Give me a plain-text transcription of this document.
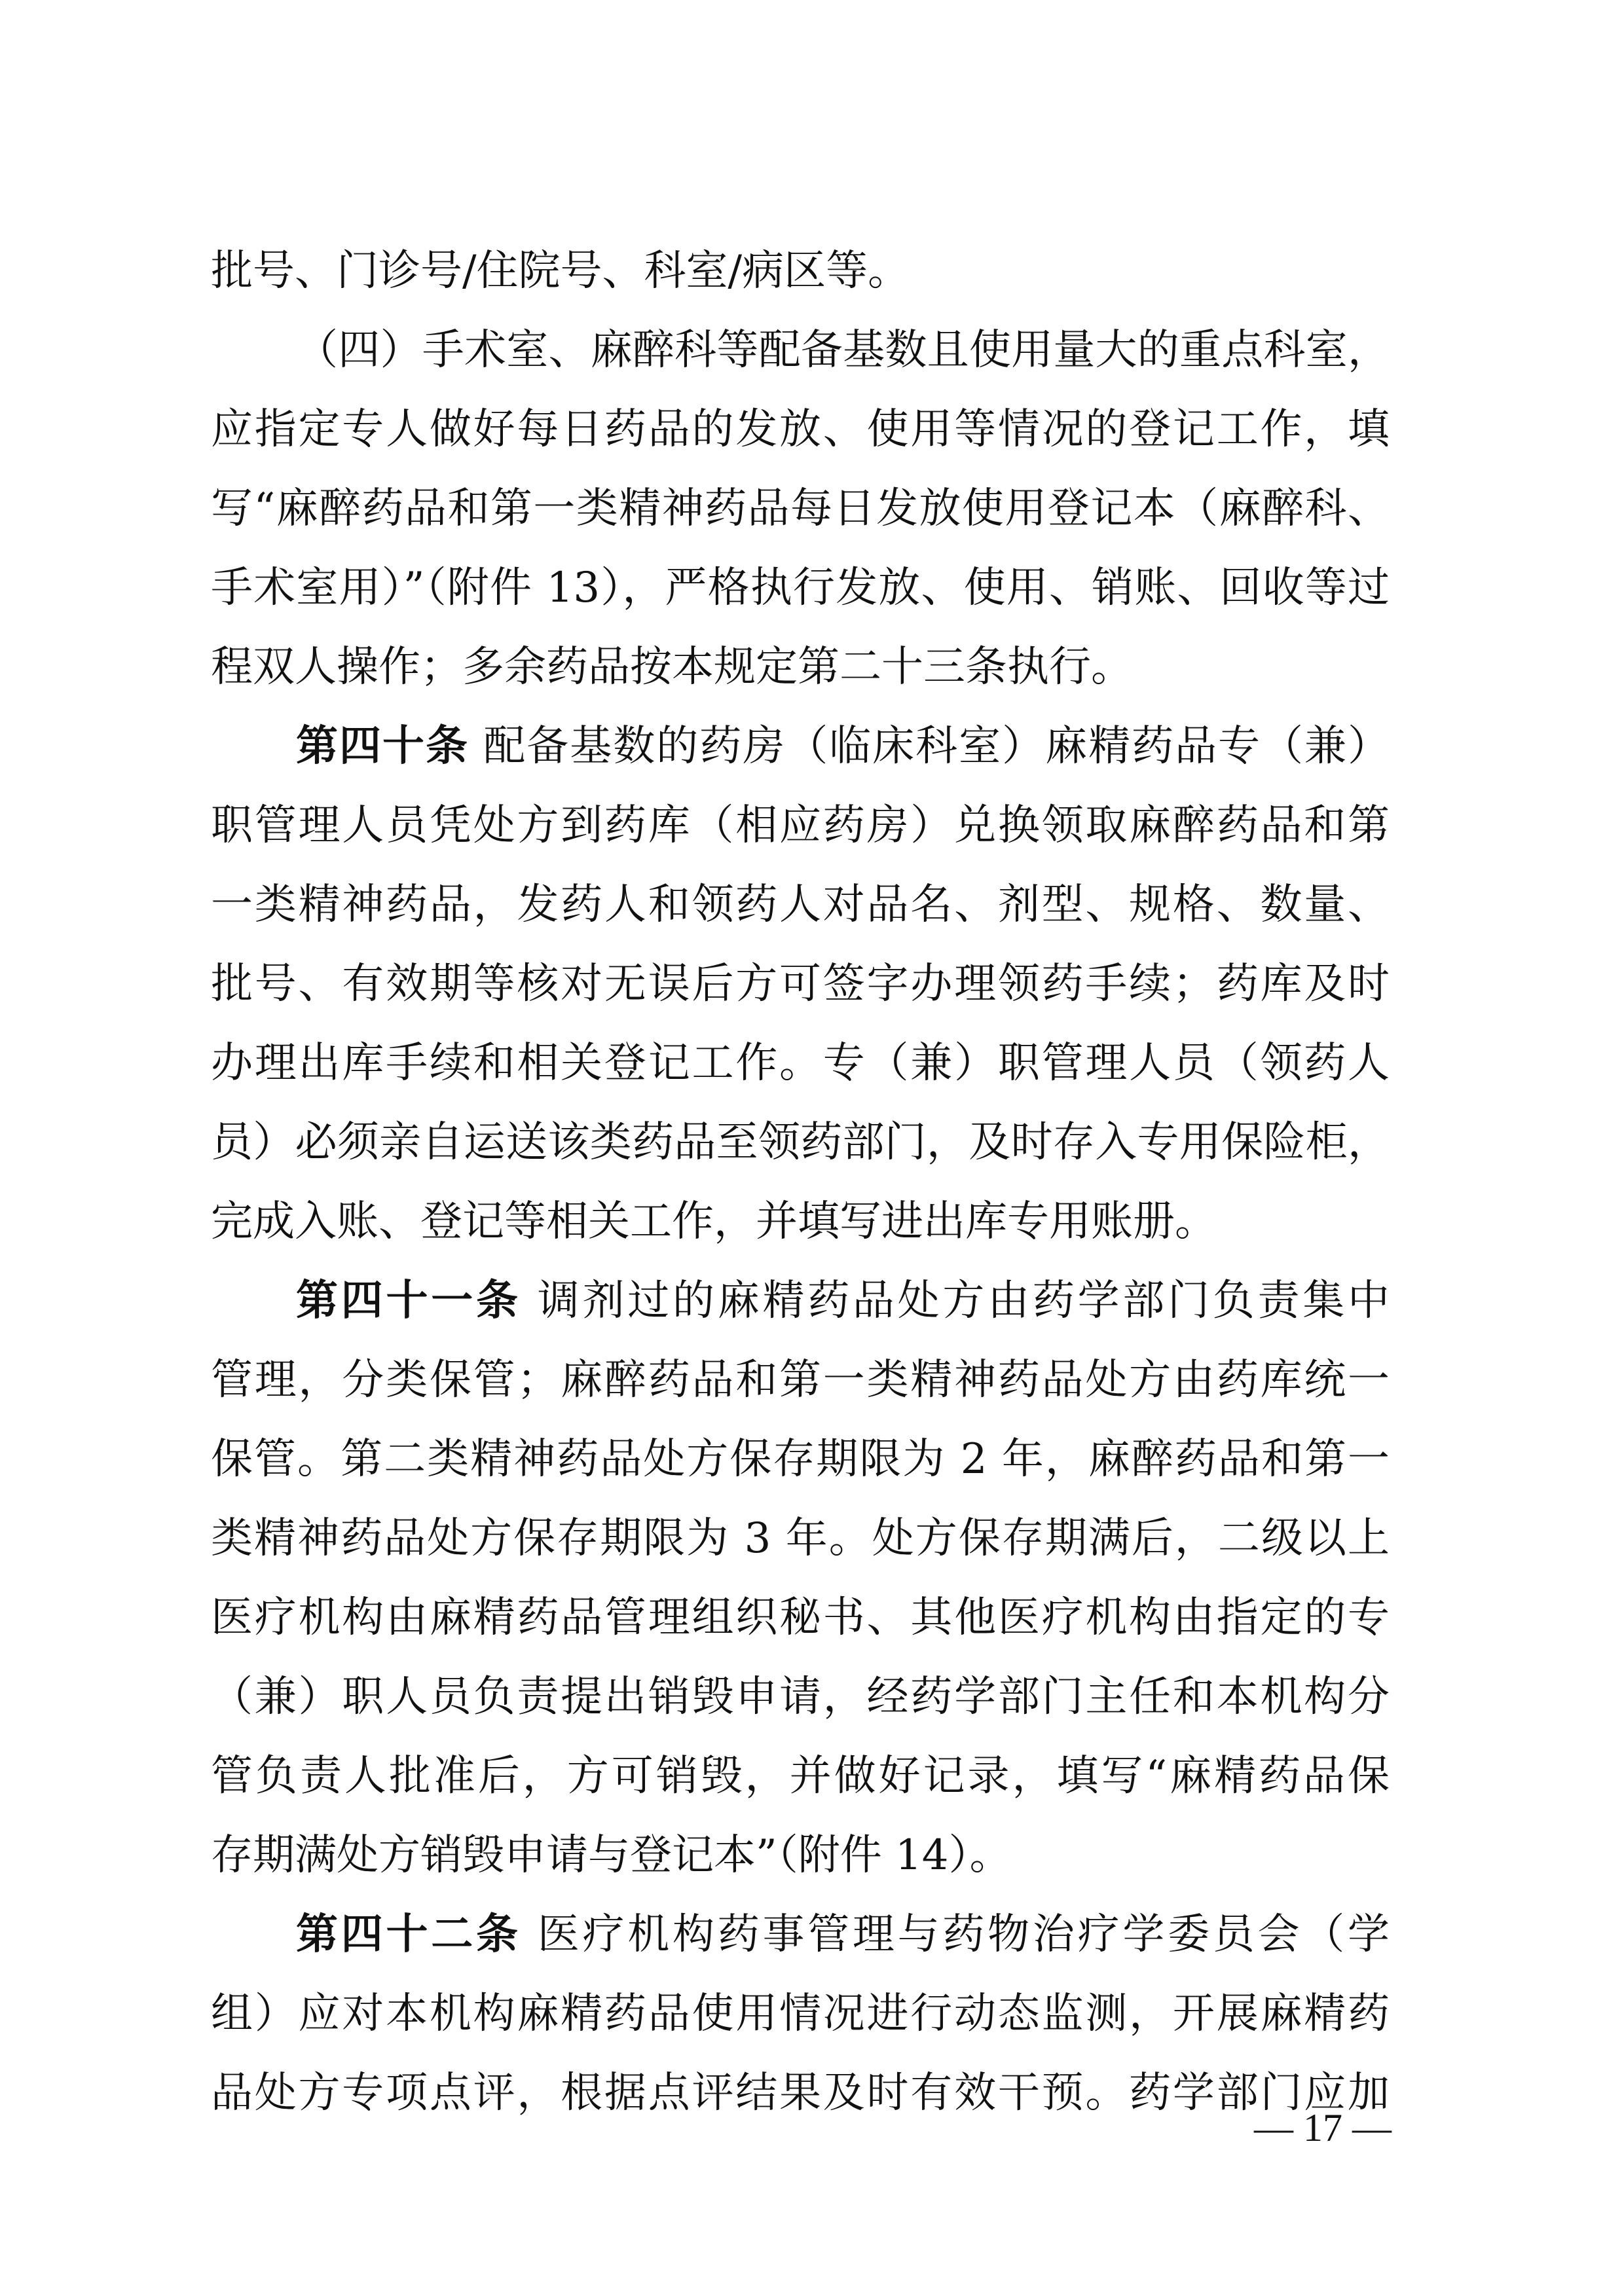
批号、门诊号/住院号、科室/病区等。
（四）手术室、麻醉科等配备基数且使用量大的重点科室，
应指定专人做好每日药品的发放、使用等情况的登记工作，填
写“麻醉药品和第一类精神药品每日发放使用登记本（麻醉科、
手术室用）”（附件 13），严格执行发放、使用、销账、回收等过
程双人操作；多余药品按本规定第二十三条执行。
第四十条 配备基数的药房（临床科室）麻精药品专（兼）
职管理人员凭处方到药库（相应药房）兑换领取麻醉药品和第
一类精神药品，发药人和领药人对品名、剂型、规格、数量、
批号、有效期等核对无误后方可签字办理领药手续；药库及时
办理出库手续和相关登记工作。专（兼）职管理人员（领药人
员）必须亲自运送该类药品至领药部门，及时存入专用保险柜，
完成入账、登记等相关工作，并填写进出库专用账册。
第四十一条 调剂过的麻精药品处方由药学部门负责集中
管理，分类保管；麻醉药品和第一类精神药品处方由药库统一
保管。第二类精神药品处方保存期限为 2 年，麻醉药品和第一
类精神药品处方保存期限为 3 年。处方保存期满后，二级以上
医疗机构由麻精药品管理组织秘书、其他医疗机构由指定的专
（兼）职人员负责提出销毁申请，经药学部门主任和本机构分
管负责人批准后，方可销毁，并做好记录，填写“麻精药品保
存期满处方销毁申请与登记本”（附件 14）。
第四十二条 医疗机构药事管理与药物治疗学委员会（学
组）应对本机构麻精药品使用情况进行动态监测，开展麻精药
品处方专项点评，根据点评结果及时有效干预。药学部门应加
— 17 —
